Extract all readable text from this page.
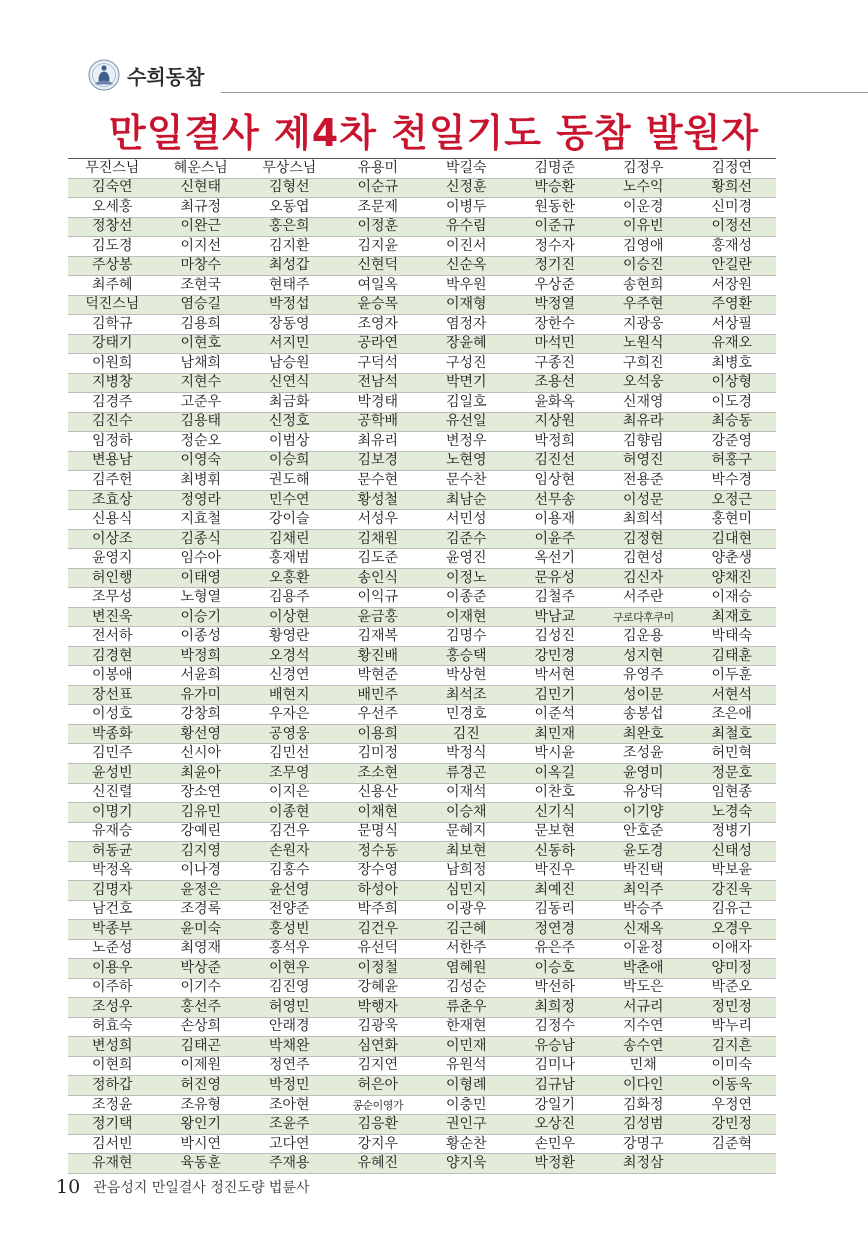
수희동참
만일결사 제4차 천일기도 동참 발원자
무진스님	혜운스님	무상스님	유용미	박길숙	김명준	김정우	김정연
김숙연	신현태	김형선	이순규	신정훈	박승환	노수익	황희선
오세홍	최규정	오동엽	조문제	이병두	원동한	이운경	신미경
정창선	이완근	홍은희	이정훈	유수림	이준규	이유빈	이정선
김도경	이지선	김지환	김지윤	이진서	정수자	김영애	홍재성
주상봉	마창수	최성갑	신현덕	신순옥	정기진	이승진	안길란
최주혜	조현국	현태주	여일옥	박우원	우상준	송현희	서장원
덕진스님	염승길	박정섭	윤승목	이재형	박정열	우주현	주영환
김학규	김용희	장동영	조영자	염정자	장한수	지광웅	서상필
강태기	이현호	서지민	공라연	장윤혜	마석민	노원식	유재오
이원희	남채희	남승원	구덕석	구성진	구종진	구희진	최병호
지병창	지현수	신연식	전남석	박면기	조용선	오석웅	이상형
김경주	고준우	최금화	박경태	김일호	윤화옥	신재영	이도경
김진수	김용태	신정호	공학배	유선일	지상원	최유라	최승동
임정하	정순오	이범상	최유리	변정우	박정희	김향림	강준영
변용남	이영숙	이승희	김보경	노현영	김진선	허영진	허홍구
김주헌	최병휘	권도해	문수현	문수찬	임상현	전용준	박수경
조효상	정영라	민수연	황성철	최남순	선무송	이성문	오정근
신용식	지효철	강이슬	서성우	서민성	이용재	최희석	홍현미
이상조	김종식	김채린	김채원	김준수	이윤주	김정현	김대현
윤영지	임수아	홍재범	김도준	윤영진	옥선기	김현성	양춘생
허인행	이태영	오홍환	송인식	이정노	문유성	김신자	양채진
조무성	노형열	김용주	이익규	이종준	김철주	서주란	이재승
변진욱	이승기	이상현	윤금홍	이재현	박남교	구로다후쿠미	최재호
전서하	이종성	황영란	김재복	김명수	김성진	김운용	박태숙
김경현	박정희	오경석	황진배	홍승택	강민경	성지현	김태훈
이봉애	서윤희	신경연	박현준	박상현	박서현	유영주	이두훈
장선표	유가미	배현지	배민주	최석조	김민기	성이문	서현석
이성호	강창희	우자은	우선주	민경호	이준석	송봉섭	조은애
박종화	황선영	공영웅	이용희	김진	최민재	최완호	최철호
김민주	신시아	김민선	김미정	박정식	박시윤	조성윤	허민혁
윤성빈	최윤아	조무영	조소현	류경곤	이옥길	윤영미	정문호
신진렬	장소연	이지은	신용산	이재석	이찬호	유상덕	임현종
이명기	김유민	이종현	이채현	이승채	신기식	이기양	노경숙
유재승	강예린	김건우	문명식	문혜지	문보현	안호준	정병기
허동균	김지영	손원자	정수동	최보현	신동하	윤도경	신태성
박정옥	이나경	김홍수	장수영	남희정	박진우	박진택	박보윤
김명자	윤정은	윤선영	하성아	심민지	최예진	최익주	강진욱
남건호	조경록	전양준	박주희	이광우	김동리	박승주	김유근
박종부	윤미숙	홍성빈	김건우	김근혜	정연경	신재옥	오경우
노준성	최영재	홍석우	유선덕	서한주	유은주	이윤정	이애자
이용우	박상준	이현우	이정철	염혜원	이승호	박춘애	양미정
이주하	이기수	김진영	강혜윤	김성순	박선하	박도은	박준오
조성우	홍선주	허영민	박행자	류춘우	최희정	서규리	정민정
허효숙	손상희	안래경	김광욱	한재현	김정수	지수연	박누리
변성희	김태곤	박채완	심연화	이민재	유승남	송수연	김지흔
이현희	이제원	정연주	김지연	유원석	김미나	민채	이미숙
정하갑	허진영	박정민	허은아	이형례	김규남	이다인	이동욱
조정윤	조유형	조아현	콩순이영가	이충민	강일기	김화정	우정연
정기택	왕인기	조윤주	김응환	권인구	오상진	김성범	강민정
김서빈	박시연	고다연	강지우	황순찬	손민우	강명구	김준혁
유재현	육동훈	주재용	유혜진	양지욱	박정환	최정삼	
10 관음성지 만일결사 정진도량 법륜사
